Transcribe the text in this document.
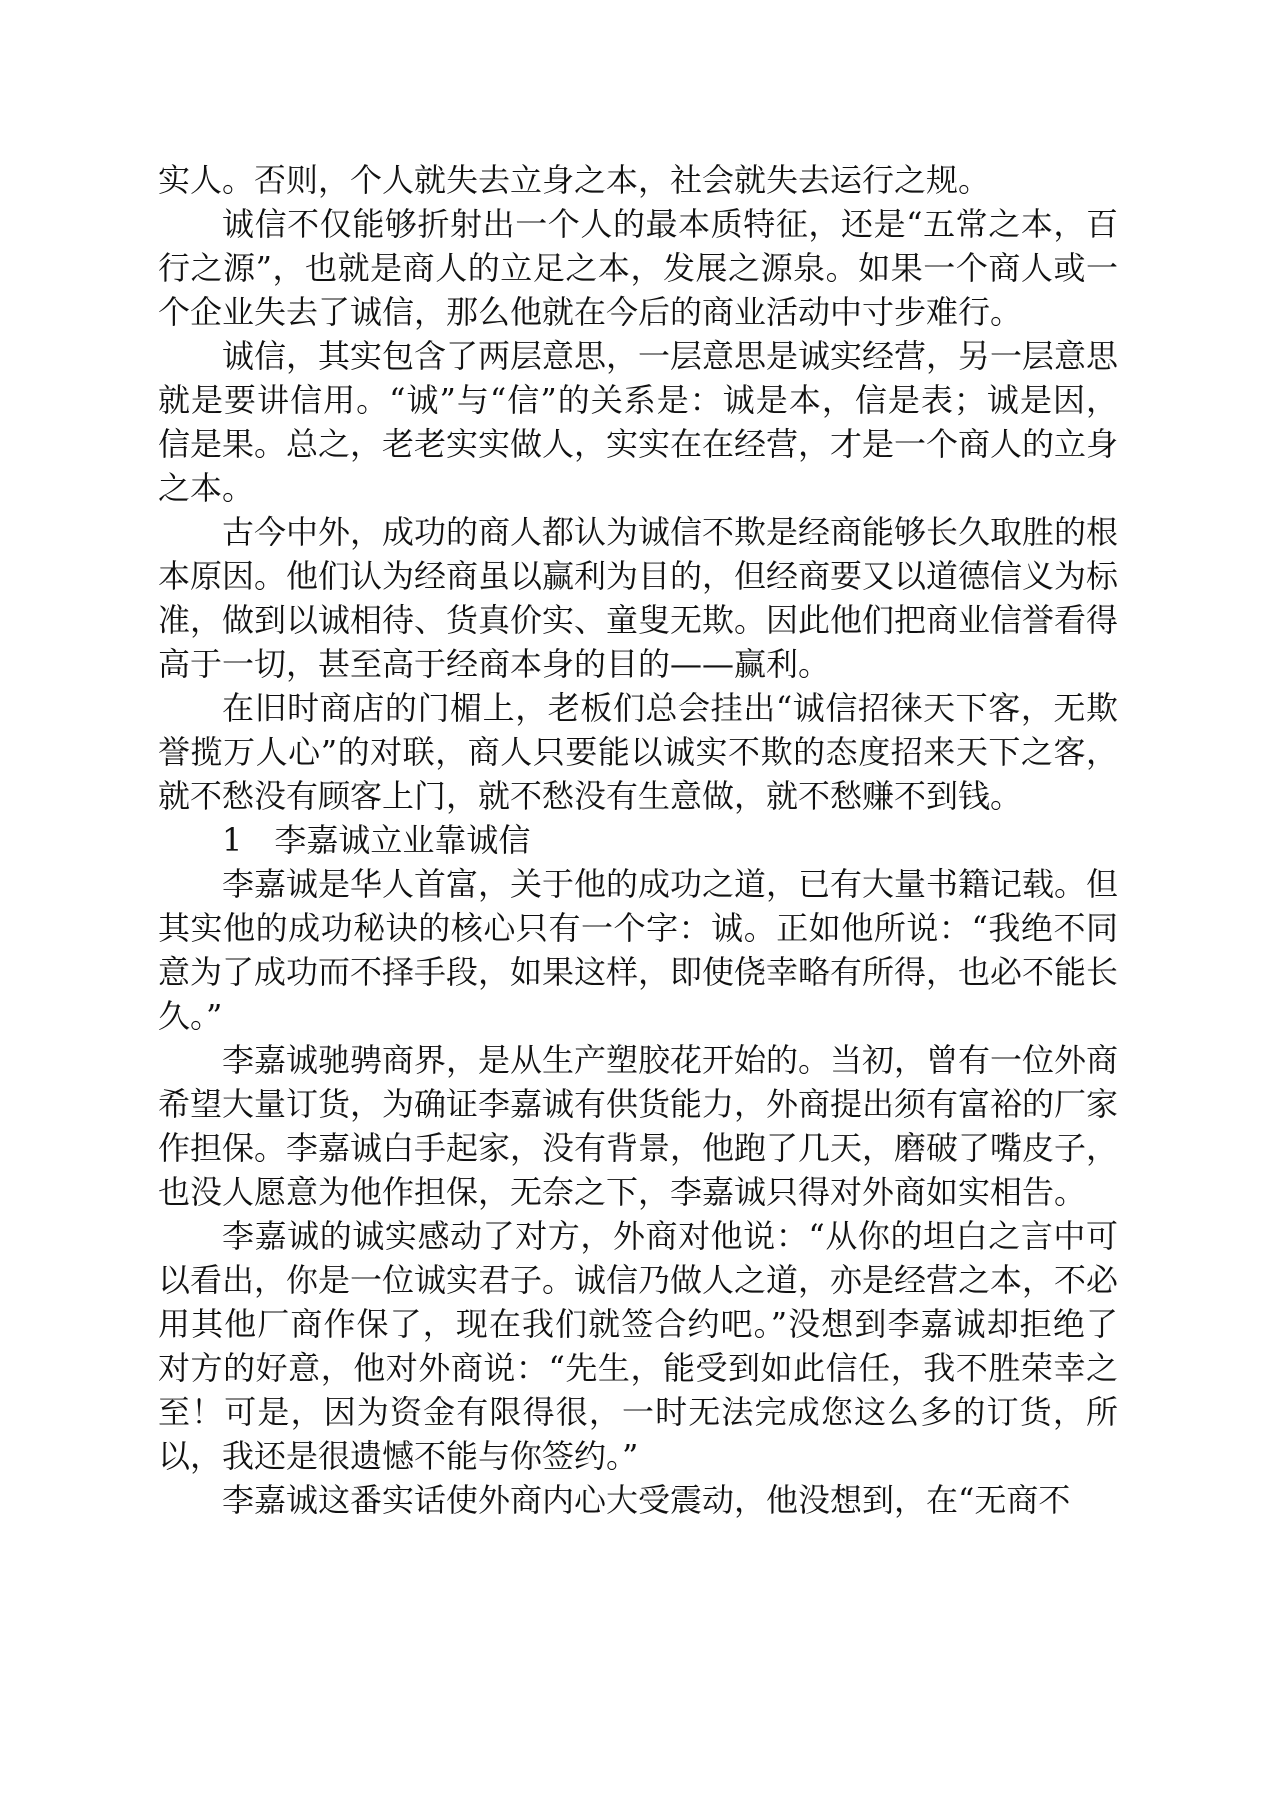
实人。否则，个人就失去立身之本，社会就失去运行之规。

诚信不仅能够折射出一个人的最本质特征，还是“五常之本，百行之源”，也就是商人的立足之本，发展之源泉。如果一个商人或一个企业失去了诚信，那么他就在今后的商业活动中寸步难行。

诚信，其实包含了两层意思，一层意思是诚实经营，另一层意思就是要讲信用。“诚”与“信”的关系是：诚是本，信是表；诚是因，信是果。总之，老老实实做人，实实在在经营，才是一个商人的立身之本。

古今中外，成功的商人都认为诚信不欺是经商能够长久取胜的根本原因。他们认为经商虽以赢利为目的，但经商要又以道德信义为标准，做到以诚相待、货真价实、童叟无欺。因此他们把商业信誉看得高于一切，甚至高于经商本身的目的——赢利。

在旧时商店的门楣上，老板们总会挂出“诚信招徕天下客，无欺誉揽万人心”的对联，商人只要能以诚实不欺的态度招来天下之客，就不愁没有顾客上门，就不愁没有生意做，就不愁赚不到钱。

1　李嘉诚立业靠诚信

李嘉诚是华人首富，关于他的成功之道，已有大量书籍记载。但其实他的成功秘诀的核心只有一个字：诚。正如他所说：“我绝不同意为了成功而不择手段，如果这样，即使侥幸略有所得，也必不能长久。”

李嘉诚驰骋商界，是从生产塑胶花开始的。当初，曾有一位外商希望大量订货，为确证李嘉诚有供货能力，外商提出须有富裕的厂家作担保。李嘉诚白手起家，没有背景，他跑了几天，磨破了嘴皮子，也没人愿意为他作担保，无奈之下，李嘉诚只得对外商如实相告。

李嘉诚的诚实感动了对方，外商对他说：“从你的坦白之言中可以看出，你是一位诚实君子。诚信乃做人之道，亦是经营之本，不必用其他厂商作保了，现在我们就签合约吧。”没想到李嘉诚却拒绝了对方的好意，他对外商说：“先生，能受到如此信任，我不胜荣幸之至！可是，因为资金有限得很，一时无法完成您这么多的订货，所以，我还是很遗憾不能与你签约。”

李嘉诚这番实话使外商内心大受震动，他没想到，在“无商不
